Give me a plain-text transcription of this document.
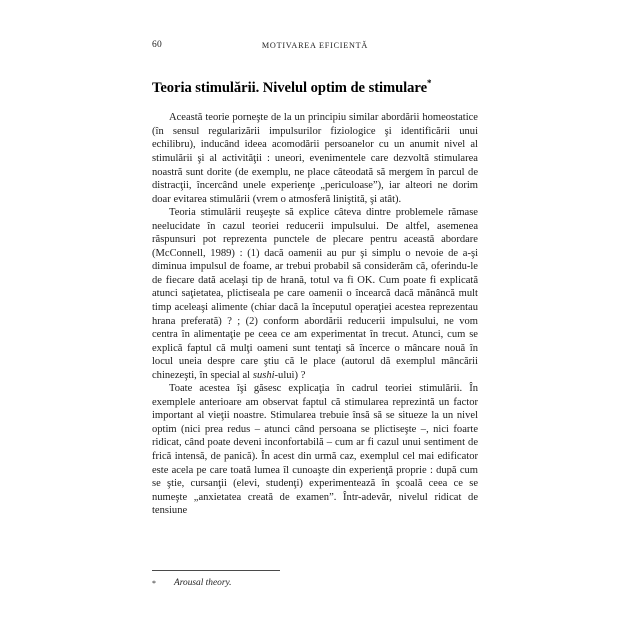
60	MOTIVAREA EFICIENTĂ
Teoria stimulării. Nivelul optim de stimulare*

Această teorie porneşte de la un principiu similar abordării homeostatice (în sensul regularizării impulsurilor fiziologice şi identificării unui echilibru), inducând ideea acomodării persoanelor cu un anumit nivel al stimulării şi al activităţii : uneori, evenimentele care dezvoltă stimularea noastră sunt dorite (de exemplu, ne place câteodată să mergem în parcul de distracţii, încercând unele experienţe „periculoase”), iar alteori ne dorim doar evitarea stimulării (vrem o atmosferă liniştită, şi atât).

Teoria stimulării reuşeşte să explice câteva dintre problemele rămase neelucidate în cazul teoriei reducerii impulsului. De altfel, asemenea răspunsuri pot reprezenta punctele de plecare pentru această abordare (McConnell, 1989) : (1) dacă oamenii au pur şi simplu o nevoie de a-şi diminua impulsul de foame, ar trebui probabil să considerăm că, oferindu-le de fiecare dată acelaşi tip de hrană, totul va fi OK. Cum poate fi explicată atunci saţietatea, plictiseala pe care oamenii o încearcă dacă mănâncă mult timp aceleaşi alimente (chiar dacă la începutul operaţiei acestea reprezentau hrana preferată) ? ; (2) conform abordării reducerii impulsului, ne vom centra în alimentaţie pe ceea ce am experimentat în trecut. Atunci, cum se explică faptul că mulţi oameni sunt tentaţi să încerce o mâncare nouă în locul uneia despre care ştiu că le place (autorul dă exemplul mâncării chinezeşti, în special al sushi-ului) ?

Toate acestea îşi găsesc explicaţia în cadrul teoriei stimulării. În exemplele anterioare am observat faptul că stimularea reprezintă un factor important al vieţii noastre. Stimularea trebuie însă să se situeze la un nivel optim (nici prea redus – atunci când persoana se plictiseşte –, nici foarte ridicat, când poate deveni inconfortabilă – cum ar fi cazul unui sentiment de frică intensă, de panică). În acest din urmă caz, exemplul cel mai edificator este acela pe care toată lumea îl cunoaşte din experienţă proprie : după cum se ştie, cursanţii (elevi, studenţi) experimentează în şcoală ceea ce se numeşte „anxietatea creată de examen”. Într-adevăr, nivelul ridicat de tensiune

*	Arousal theory.
